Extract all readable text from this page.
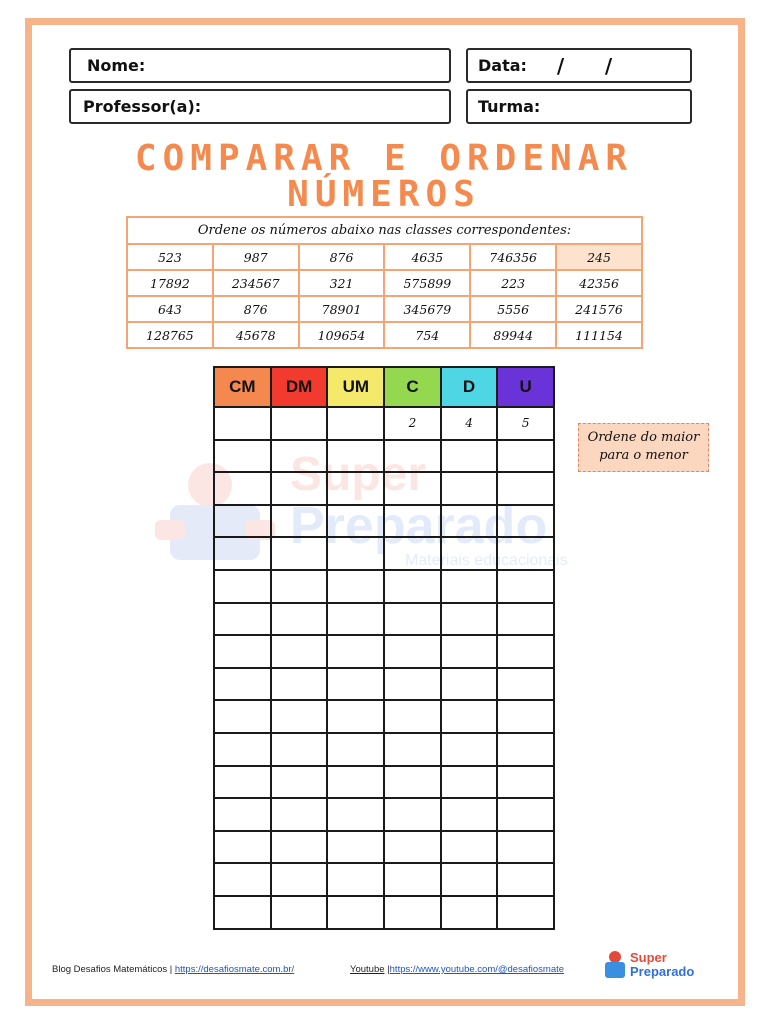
Nome:	Data: / /
Professor(a):	Turma:
COMPARAR E ORDENAR
NÚMEROS
Ordene os números abaixo nas classes correspondentes:					
523	987	876	4635	746356	245
17892	234567	321	575899	223	42356
643	876	78901	345679	5556	241576
128765	45678	109654	754	89944	111154
CM	DM	UM	C	D	U
			2	4	5

Ordene do maior
para o menor
Blog Desafios Matemáticos | https://desafiosmate.com.br/	Youtube |https://www.youtube.com/@desafiosmate
Super
Preparado
